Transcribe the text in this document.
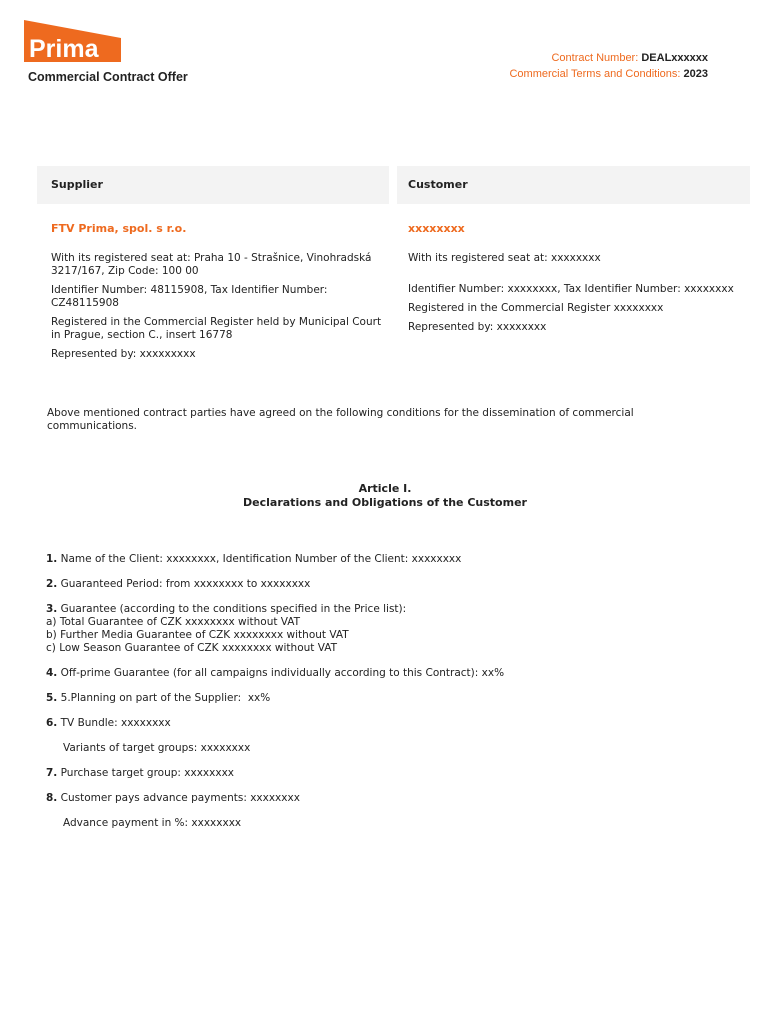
Prima
Commercial Contract Offer
Contract Number: DEALxxxxxx
Commercial Terms and Conditions: 2023
Supplier	Customer
FTV Prima, spol. s r.o.

With its registered seat at: Praha 10 - Strašnice, Vinohradská 3217/167, Zip Code: 100 00

Identifier Number: 48115908, Tax Identifier Number: CZ48115908

Registered in the Commercial Register held by Municipal Court in Prague, section C., insert 16778

Represented by: xxxxxxxxx

xxxxxxxx

With its registered seat at: xxxxxxxx

Identifier Number: xxxxxxxx, Tax Identifier Number: xxxxxxxx

Registered in the Commercial Register xxxxxxxx

Represented by: xxxxxxxx

Above mentioned contract parties have agreed on the following conditions for the dissemination of commercial communications.
Article I.
Declarations and Obligations of the Customer
1. Name of the Client: xxxxxxxx, Identification Number of the Client: xxxxxxxx
2. Guaranteed Period: from xxxxxxxx to xxxxxxxx
3. Guarantee (according to the conditions specified in the Price list):
a) Total Guarantee of CZK xxxxxxxx without VAT
b) Further Media Guarantee of CZK xxxxxxxx without VAT
c) Low Season Guarantee of CZK xxxxxxxx without VAT
4. Off-prime Guarantee (for all campaigns individually according to this Contract): xx%
5. 5.Planning on part of the Supplier:  xx%
6. TV Bundle: xxxxxxxx
Variants of target groups: xxxxxxxx
7. Purchase target group: xxxxxxxx
8. Customer pays advance payments: xxxxxxxx
Advance payment in %: xxxxxxxx
